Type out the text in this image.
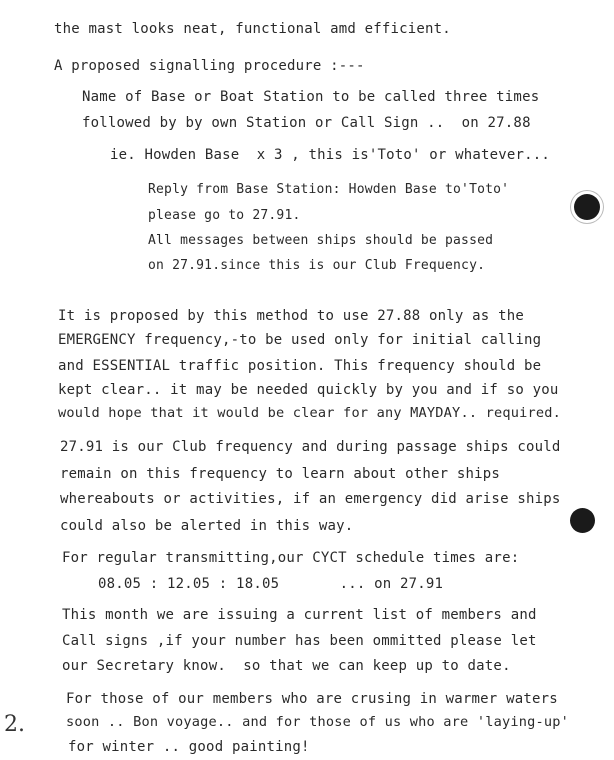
the mast looks neat, functional amd efficient.
A proposed signalling procedure :---
Name of Base or Boat Station to be called three times
followed by by own Station or Call Sign ..  on 27.88
ie. Howden Base  x 3 , this is'Toto' or whatever...
Reply from Base Station: Howden Base to'Toto'
please go to 27.91.
All messages between ships should be passed
on 27.91.since this is our Club Frequency.
It is proposed by this method to use 27.88 only as the
EMERGENCY frequency,-to be used only for initial calling
and ESSENTIAL traffic position. This frequency should be
kept clear.. it may be needed quickly by you and if so you
would hope that it would be clear for any MAYDAY.. required.
27.91 is our Club frequency and during passage ships could
remain on this frequency to learn about other ships
whereabouts or activities, if an emergency did arise ships
could also be alerted in this way.
For regular transmitting,our CYCT schedule times are:
08.05 : 12.05 : 18.05       ... on 27.91
This month we are issuing a current list of members and
Call signs ,if your number has been ommitted please let
our Secretary know.  so that we can keep up to date.
For those of our members who are crusing in warmer waters
soon .. Bon voyage.. and for those of us who are 'laying-up'
for winter .. good painting!
2.
